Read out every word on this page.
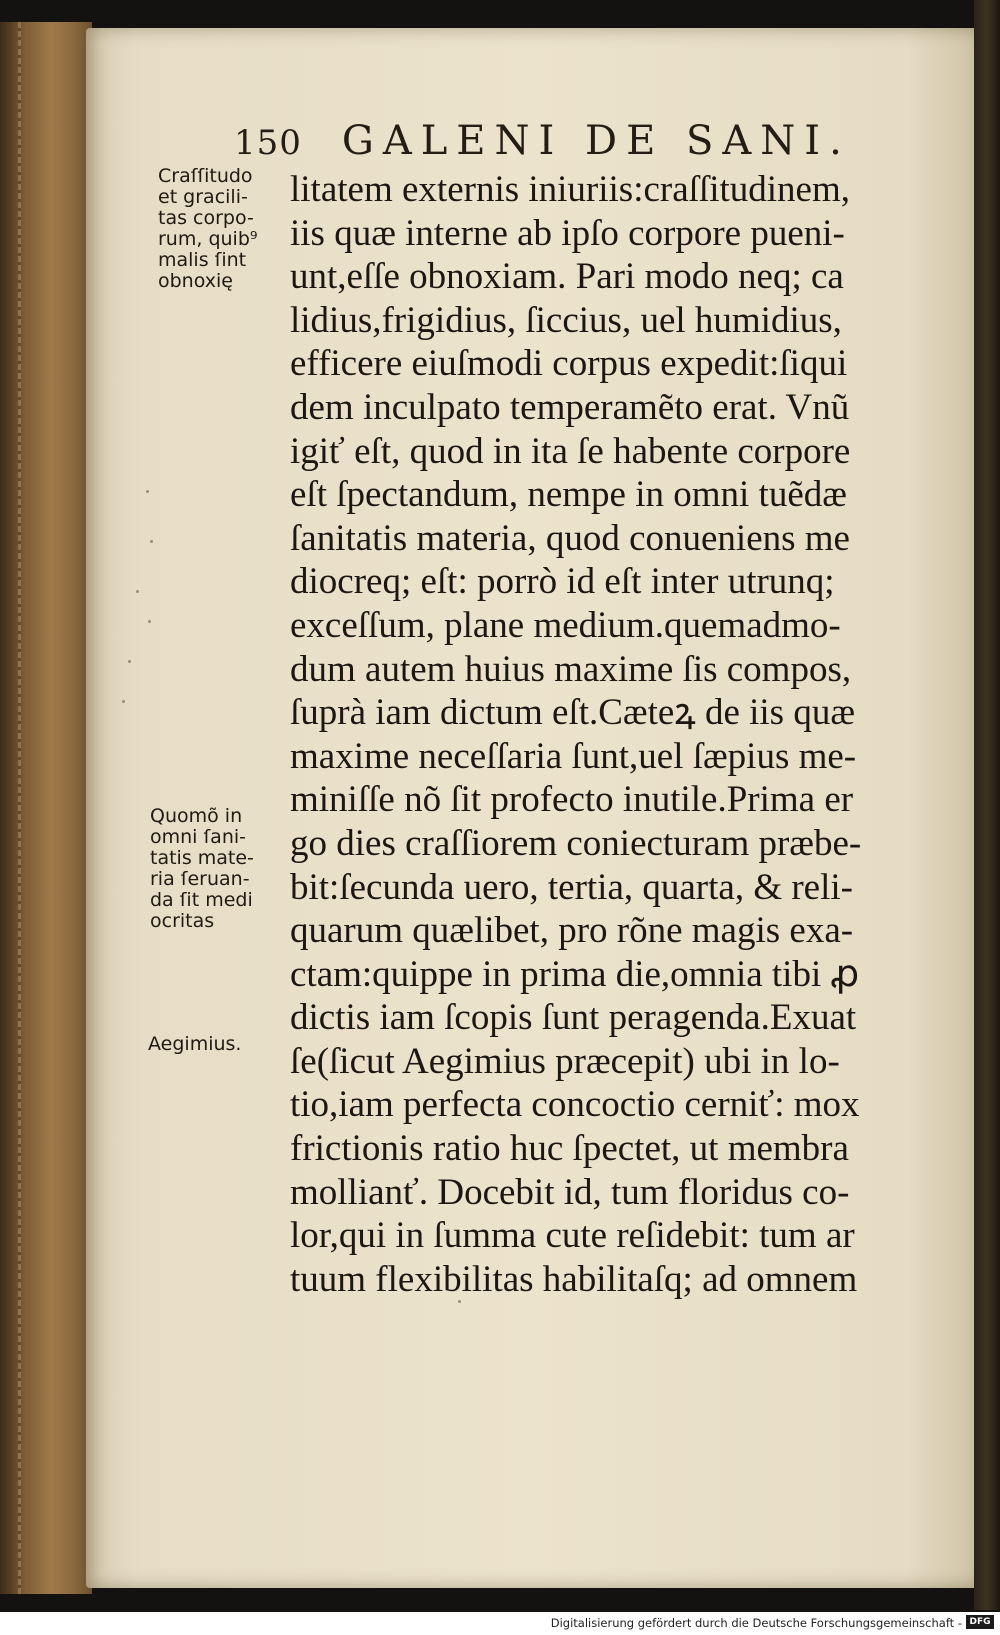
150 GALENI DE SANI.
Craſſitudo
et gracili-
tas corpo-
rum, quib⁹
malis ſint
obnoxię
Quomõ in
omni ſani-
tatis mate-
ria ſeruan-
da ſit medi
ocritas
Aegimius.
litatem externis iniuriis:craſſitudinem,
iis quæ interne ab ipſo corpore pueni-
unt,eſſe obnoxiam. Pari modo neq; ca
lidius,frigidius, ſiccius, uel humidius,
efficere eiuſmodi corpus expedit:ſiqui
dem inculpato temperamẽto erat. Vnũ
igiť eſt, quod in ita ſe habente corpore
eſt ſpectandum, nempe in omni tuẽdæ
ſanitatis materia, quod conueniens me
diocreq; eſt: porrò id eſt inter utrunq;
exceſſum, plane medium.quemadmo-
dum autem huius maxime ſis compos,
ſuprà iam dictum eſt.Cæteꝝ de iis quæ
maxime neceſſaria ſunt,uel ſæpius me-
miniſſe nõ ſit profecto inutile.Prima er
go dies craſſiorem coniecturam præbe-
bit:ſecunda uero, tertia, quarta, & reli-
quarum quælibet, pro rõne magis exa-
ctam:quippe in prima die,omnia tibi ꝓ
dictis iam ſcopis ſunt peragenda.Exuat
ſe(ſicut Aegimius præcepit) ubi in lo-
tio,iam perfecta concoctio cerniť: mox
frictionis ratio huc ſpectet, ut membra
mollianť. Docebit id, tum floridus co-
lor,qui in ſumma cute reſidebit: tum ar
tuum flexibilitas habilitaſq; ad omnem
Digitalisierung gefördert durch die Deutsche Forschungsgemeinschaft - DFG
